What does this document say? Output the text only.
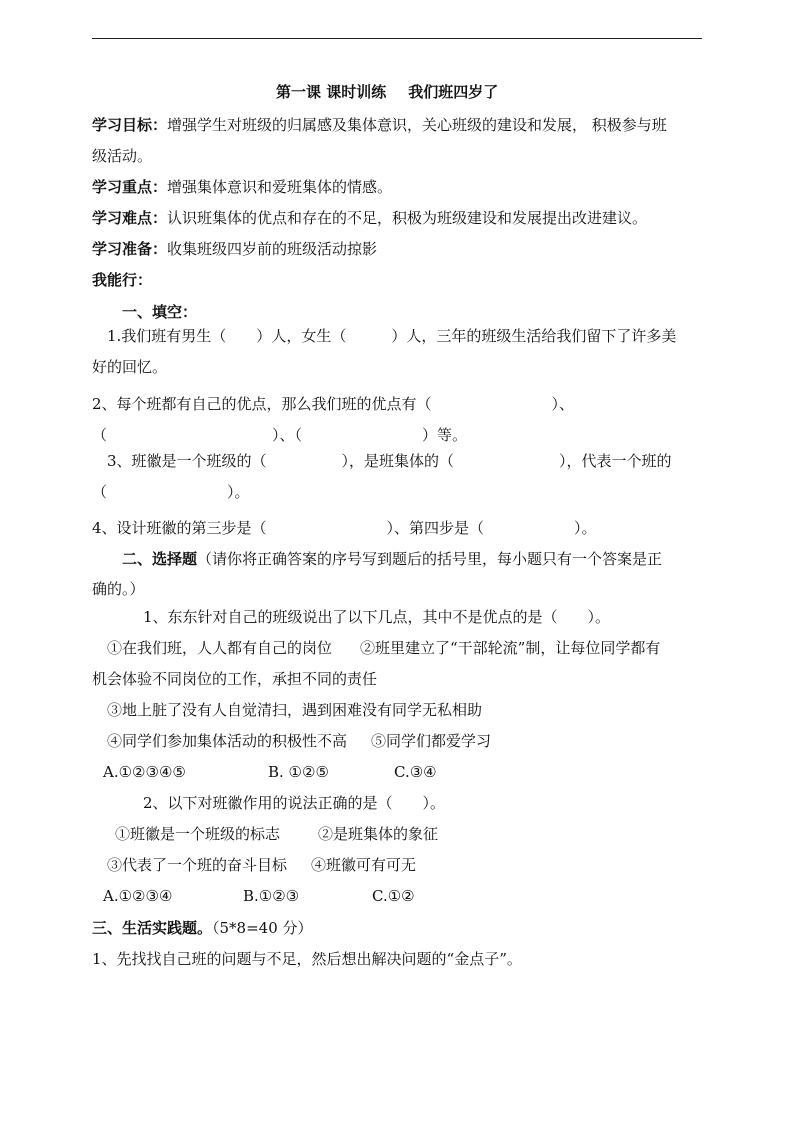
第一课 课时训练 我们班四岁了
学习目标：增强学生对班级的归属感及集体意识，关心班级的建设和发展， 积极参与班
级活动。
学习重点：增强集体意识和爱班集体的情感。
学习难点：认识班集体的优点和存在的不足，积极为班级建设和发展提出改进建议。
学习准备：收集班级四岁前的班级活动掠影
我能行：
一、填空：
1.我们班有男生（　　）人，女生（　　　）人，三年的班级生活给我们留下了许多美
好的回忆。
2、每个班都有自己的优点，那么我们班的优点有（　　　　　　　　）、
（　　　　　　　　　　　）、（　　　　　　　　）等。
3、班徽是一个班级的（　　　　　），是班集体的（　　　　　　　），代表一个班的
（　　　　　　　　）。
4、设计班徽的第三步是（　　　　　　　　）、第四步是（　　　　　　）。
二、选择题（请你将正确答案的序号写到题后的括号里，每小题只有一个答案是正
确的。）
1、东东针对自己的班级说出了以下几点，其中不是优点的是（　　）。
①在我们班，人人都有自己的岗位 ②班里建立了“干部轮流”制，让每位同学都有
机会体验不同岗位的工作，承担不同的责任
③地上脏了没有人自觉清扫，遇到困难没有同学无私相助
④同学们参加集体活动的积极性不高 ⑤同学们都爱学习
A.①②③④⑤	B. ①②⑤	C.③④
2、以下对班徽作用的说法正确的是（　　）。
①班徽是一个班级的标志	②是班集体的象征
③代表了一个班的奋斗目标 ④班徽可有可无
A.①②③④	B.①②③	C.①②
三、生活实践题。（5*8=40 分）
1、先找找自己班的问题与不足，然后想出解决问题的“金点子”。
